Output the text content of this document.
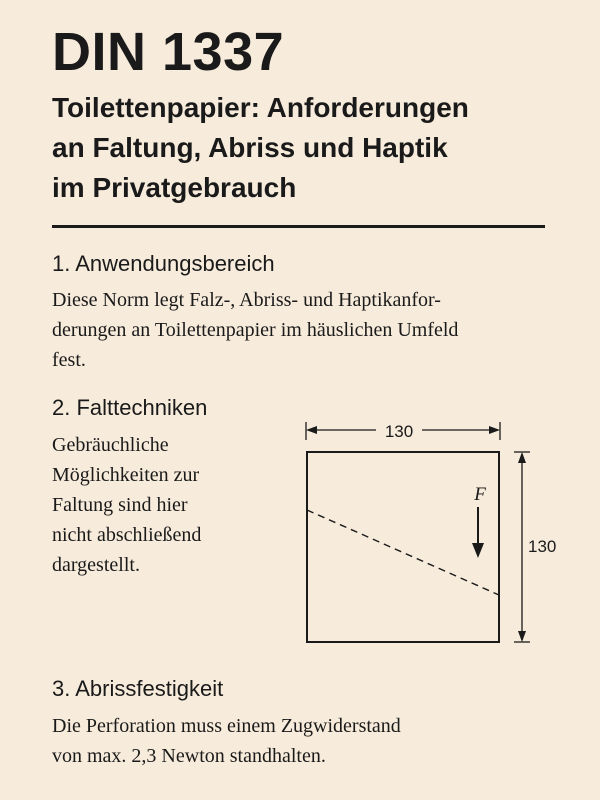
DIN 1337
Toilettenpapier: Anforderungen
an Faltung, Abriss und Haptik
im Privatgebrauch
1. Anwendungsbereich

Diese Norm legt Falz-, Abriss- und Haptikanfor-
derungen an Toilettenpapier im häuslichen Umfeld
fest.

2. Falttechniken

Gebräuchliche
Möglichkeiten zur
Faltung sind hier
nicht abschließend
dargestellt.

130
F
130
3. Abrissfestigkeit

Die Perforation muss einem Zugwiderstand
von max. 2,3 Newton standhalten.
